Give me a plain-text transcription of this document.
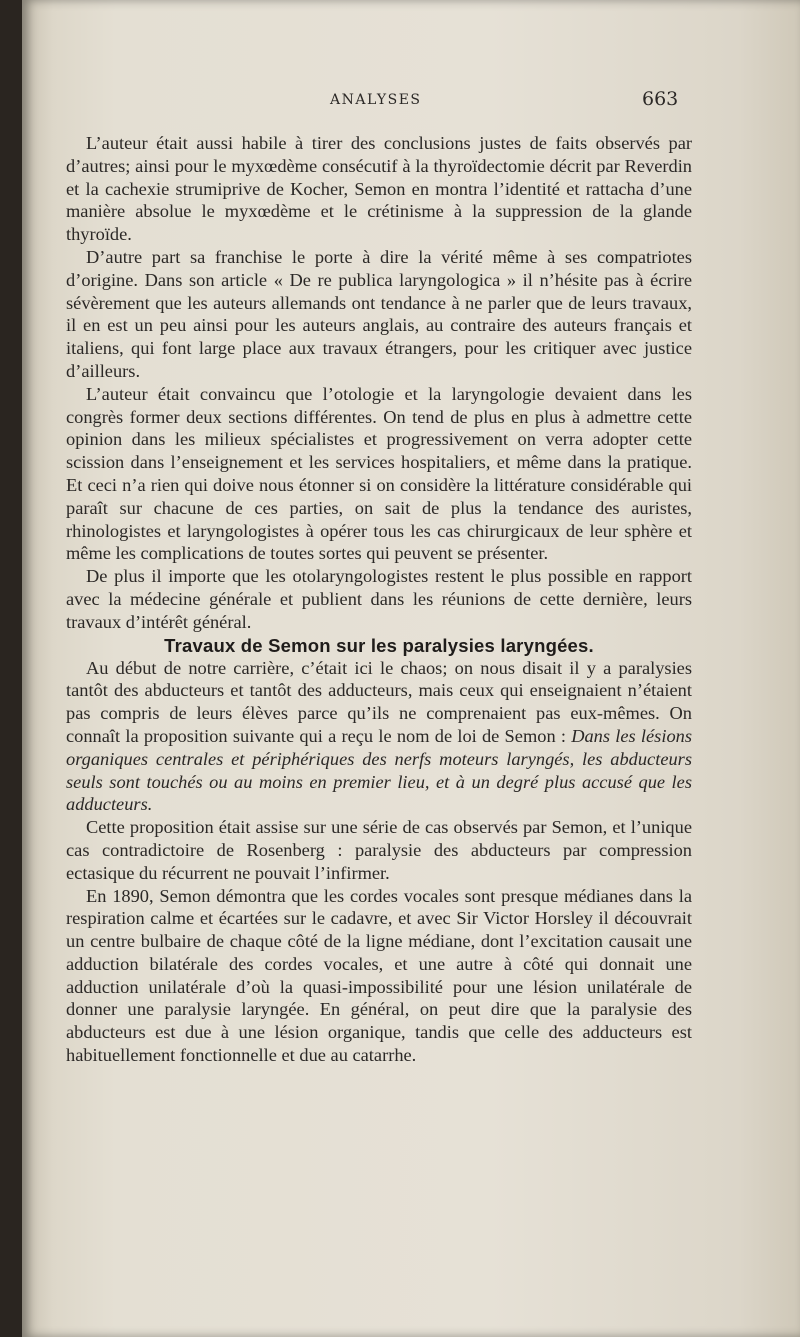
ANALYSES	663

L’auteur était aussi habile à tirer des conclusions justes de faits observés par d’autres; ainsi pour le myxœdème consécutif à la thyroïdectomie décrit par Reverdin et la cachexie strumiprive de Kocher, Semon en montra l’identité et rattacha d’une manière absolue le myxœdème et le crétinisme à la suppression de la glande thyroïde.

D’autre part sa franchise le porte à dire la vérité même à ses compatriotes d’origine. Dans son article « De re publica laryngologica » il n’hésite pas à écrire sévèrement que les auteurs allemands ont tendance à ne parler que de leurs travaux, il en est un peu ainsi pour les auteurs anglais, au contraire des auteurs français et italiens, qui font large place aux travaux étrangers, pour les critiquer avec justice d’ailleurs.

L’auteur était convaincu que l’otologie et la laryngologie devaient dans les congrès former deux sections différentes. On tend de plus en plus à admettre cette opinion dans les milieux spécialistes et progressivement on verra adopter cette scission dans l’enseignement et les services hospitaliers, et même dans la pratique. Et ceci n’a rien qui doive nous étonner si on considère la littérature considérable qui paraît sur chacune de ces parties, on sait de plus la tendance des auristes, rhinologistes et laryngologistes à opérer tous les cas chirurgicaux de leur sphère et même les complications de toutes sortes qui peuvent se présenter.

De plus il importe que les otolaryngologistes restent le plus possible en rapport avec la médecine générale et publient dans les réunions de cette dernière, leurs travaux d’intérêt général.

Travaux de Semon sur les paralysies laryngées.

Au début de notre carrière, c’était ici le chaos; on nous disait il y a paralysies tantôt des abducteurs et tantôt des adducteurs, mais ceux qui enseignaient n’étaient pas compris de leurs élèves parce qu’ils ne comprenaient pas eux-mêmes. On connaît la proposition suivante qui a reçu le nom de loi de Semon : Dans les lésions organiques centrales et périphériques des nerfs moteurs laryngés, les abducteurs seuls sont touchés ou au moins en premier lieu, et à un degré plus accusé que les adducteurs.

Cette proposition était assise sur une série de cas observés par Semon, et l’unique cas contradictoire de Rosenberg : paralysie des abducteurs par compression ectasique du récurrent ne pouvait l’infirmer.

En 1890, Semon démontra que les cordes vocales sont presque médianes dans la respiration calme et écartées sur le cadavre, et avec Sir Victor Horsley il découvrait un centre bulbaire de chaque côté de la ligne médiane, dont l’excitation causait une adduction bilatérale des cordes vocales, et une autre à côté qui donnait une adduction unilatérale d’où la quasi-impossibilité pour une lésion unilatérale de donner une paralysie laryngée. En général, on peut dire que la paralysie des abducteurs est due à une lésion organique, tandis que celle des adducteurs est habituellement fonctionnelle et due au catarrhe.
